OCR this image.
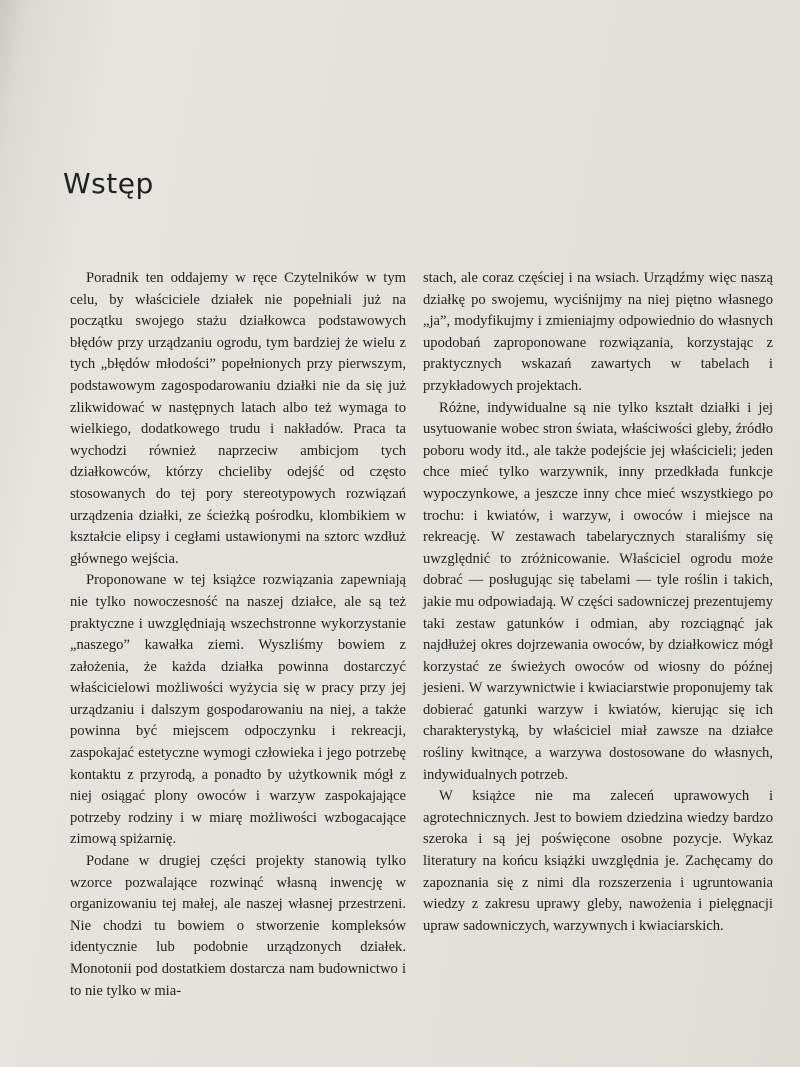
Wstęp

Poradnik ten oddajemy w ręce Czytelników w tym celu, by właściciele działek nie popełniali już na początku swojego stażu działkowca podstawowych błędów przy urządzaniu ogrodu, tym bardziej że wielu z tych „błędów młodości” popełnionych przy pierwszym, podstawowym zagospodarowaniu działki nie da się już zlikwidować w następnych latach albo też wymaga to wielkiego, dodatkowego trudu i nakładów. Praca ta wychodzi również naprzeciw ambicjom tych działkowców, którzy chcieliby odejść od często stosowanych do tej pory stereotypowych rozwiązań urządzenia działki, ze ścieżką pośrodku, klombikiem w kształcie elipsy i cegłami ustawionymi na sztorc wzdłuż głównego wejścia.

Proponowane w tej książce rozwiązania zapewniają nie tylko nowoczesność na naszej działce, ale są też praktyczne i uwzględniają wszechstronne wykorzystanie „naszego” kawałka ziemi. Wyszliśmy bowiem z założenia, że każda działka powinna dostarczyć właścicielowi możliwości wyżycia się w pracy przy jej urządzaniu i dalszym gospodarowaniu na niej, a także powinna być miejscem odpoczynku i rekreacji, zaspokajać estetyczne wymogi człowieka i jego potrzebę kontaktu z przyrodą, a ponadto by użytkownik mógł z niej osiągać plony owoców i warzyw zaspokajające potrzeby rodziny i w miarę możliwości wzbogacające zimową spiżarnię.

Podane w drugiej części projekty stanowią tylko wzorce pozwalające rozwinąć własną inwencję w organizowaniu tej małej, ale naszej własnej przestrzeni. Nie chodzi tu bowiem o stworzenie kompleksów identycznie lub podobnie urządzonych działek. Monotonii pod dostatkiem dostarcza nam budownictwo i to nie tylko w mia-

stach, ale coraz częściej i na wsiach. Urządźmy więc naszą działkę po swojemu, wyciśnijmy na niej piętno własnego „ja”, modyfikujmy i zmieniajmy odpowiednio do własnych upodobań zaproponowane rozwiązania, korzystając z praktycznych wskazań zawartych w tabelach i przykładowych projektach.

Różne, indywidualne są nie tylko kształt działki i jej usytuowanie wobec stron świata, właściwości gleby, źródło poboru wody itd., ale także podejście jej właścicieli; jeden chce mieć tylko warzywnik, inny przedkłada funkcje wypoczynkowe, a jeszcze inny chce mieć wszystkiego po trochu: i kwiatów, i warzyw, i owoców i miejsce na rekreację. W zestawach tabelarycznych staraliśmy się uwzględnić to zróżnicowanie. Właściciel ogrodu może dobrać — posługując się tabelami — tyle roślin i takich, jakie mu odpowiadają. W części sadowniczej prezentujemy taki zestaw gatunków i odmian, aby rozciągnąć jak najdłużej okres dojrzewania owoców, by działkowicz mógł korzystać ze świeżych owoców od wiosny do późnej jesieni. W warzywnictwie i kwiaciarstwie proponujemy tak dobierać gatunki warzyw i kwiatów, kierując się ich charakterystyką, by właściciel miał zawsze na działce rośliny kwitnące, a warzywa dostosowane do własnych, indywidualnych potrzeb.

W książce nie ma zaleceń uprawowych i agrotechnicznych. Jest to bowiem dziedzina wiedzy bardzo szeroka i są jej poświęcone osobne pozycje. Wykaz literatury na końcu książki uwzględnia je. Zachęcamy do zapoznania się z nimi dla rozszerzenia i ugruntowania wiedzy z zakresu uprawy gleby, nawożenia i pielęgnacji upraw sadowniczych, warzywnych i kwiaciarskich.
